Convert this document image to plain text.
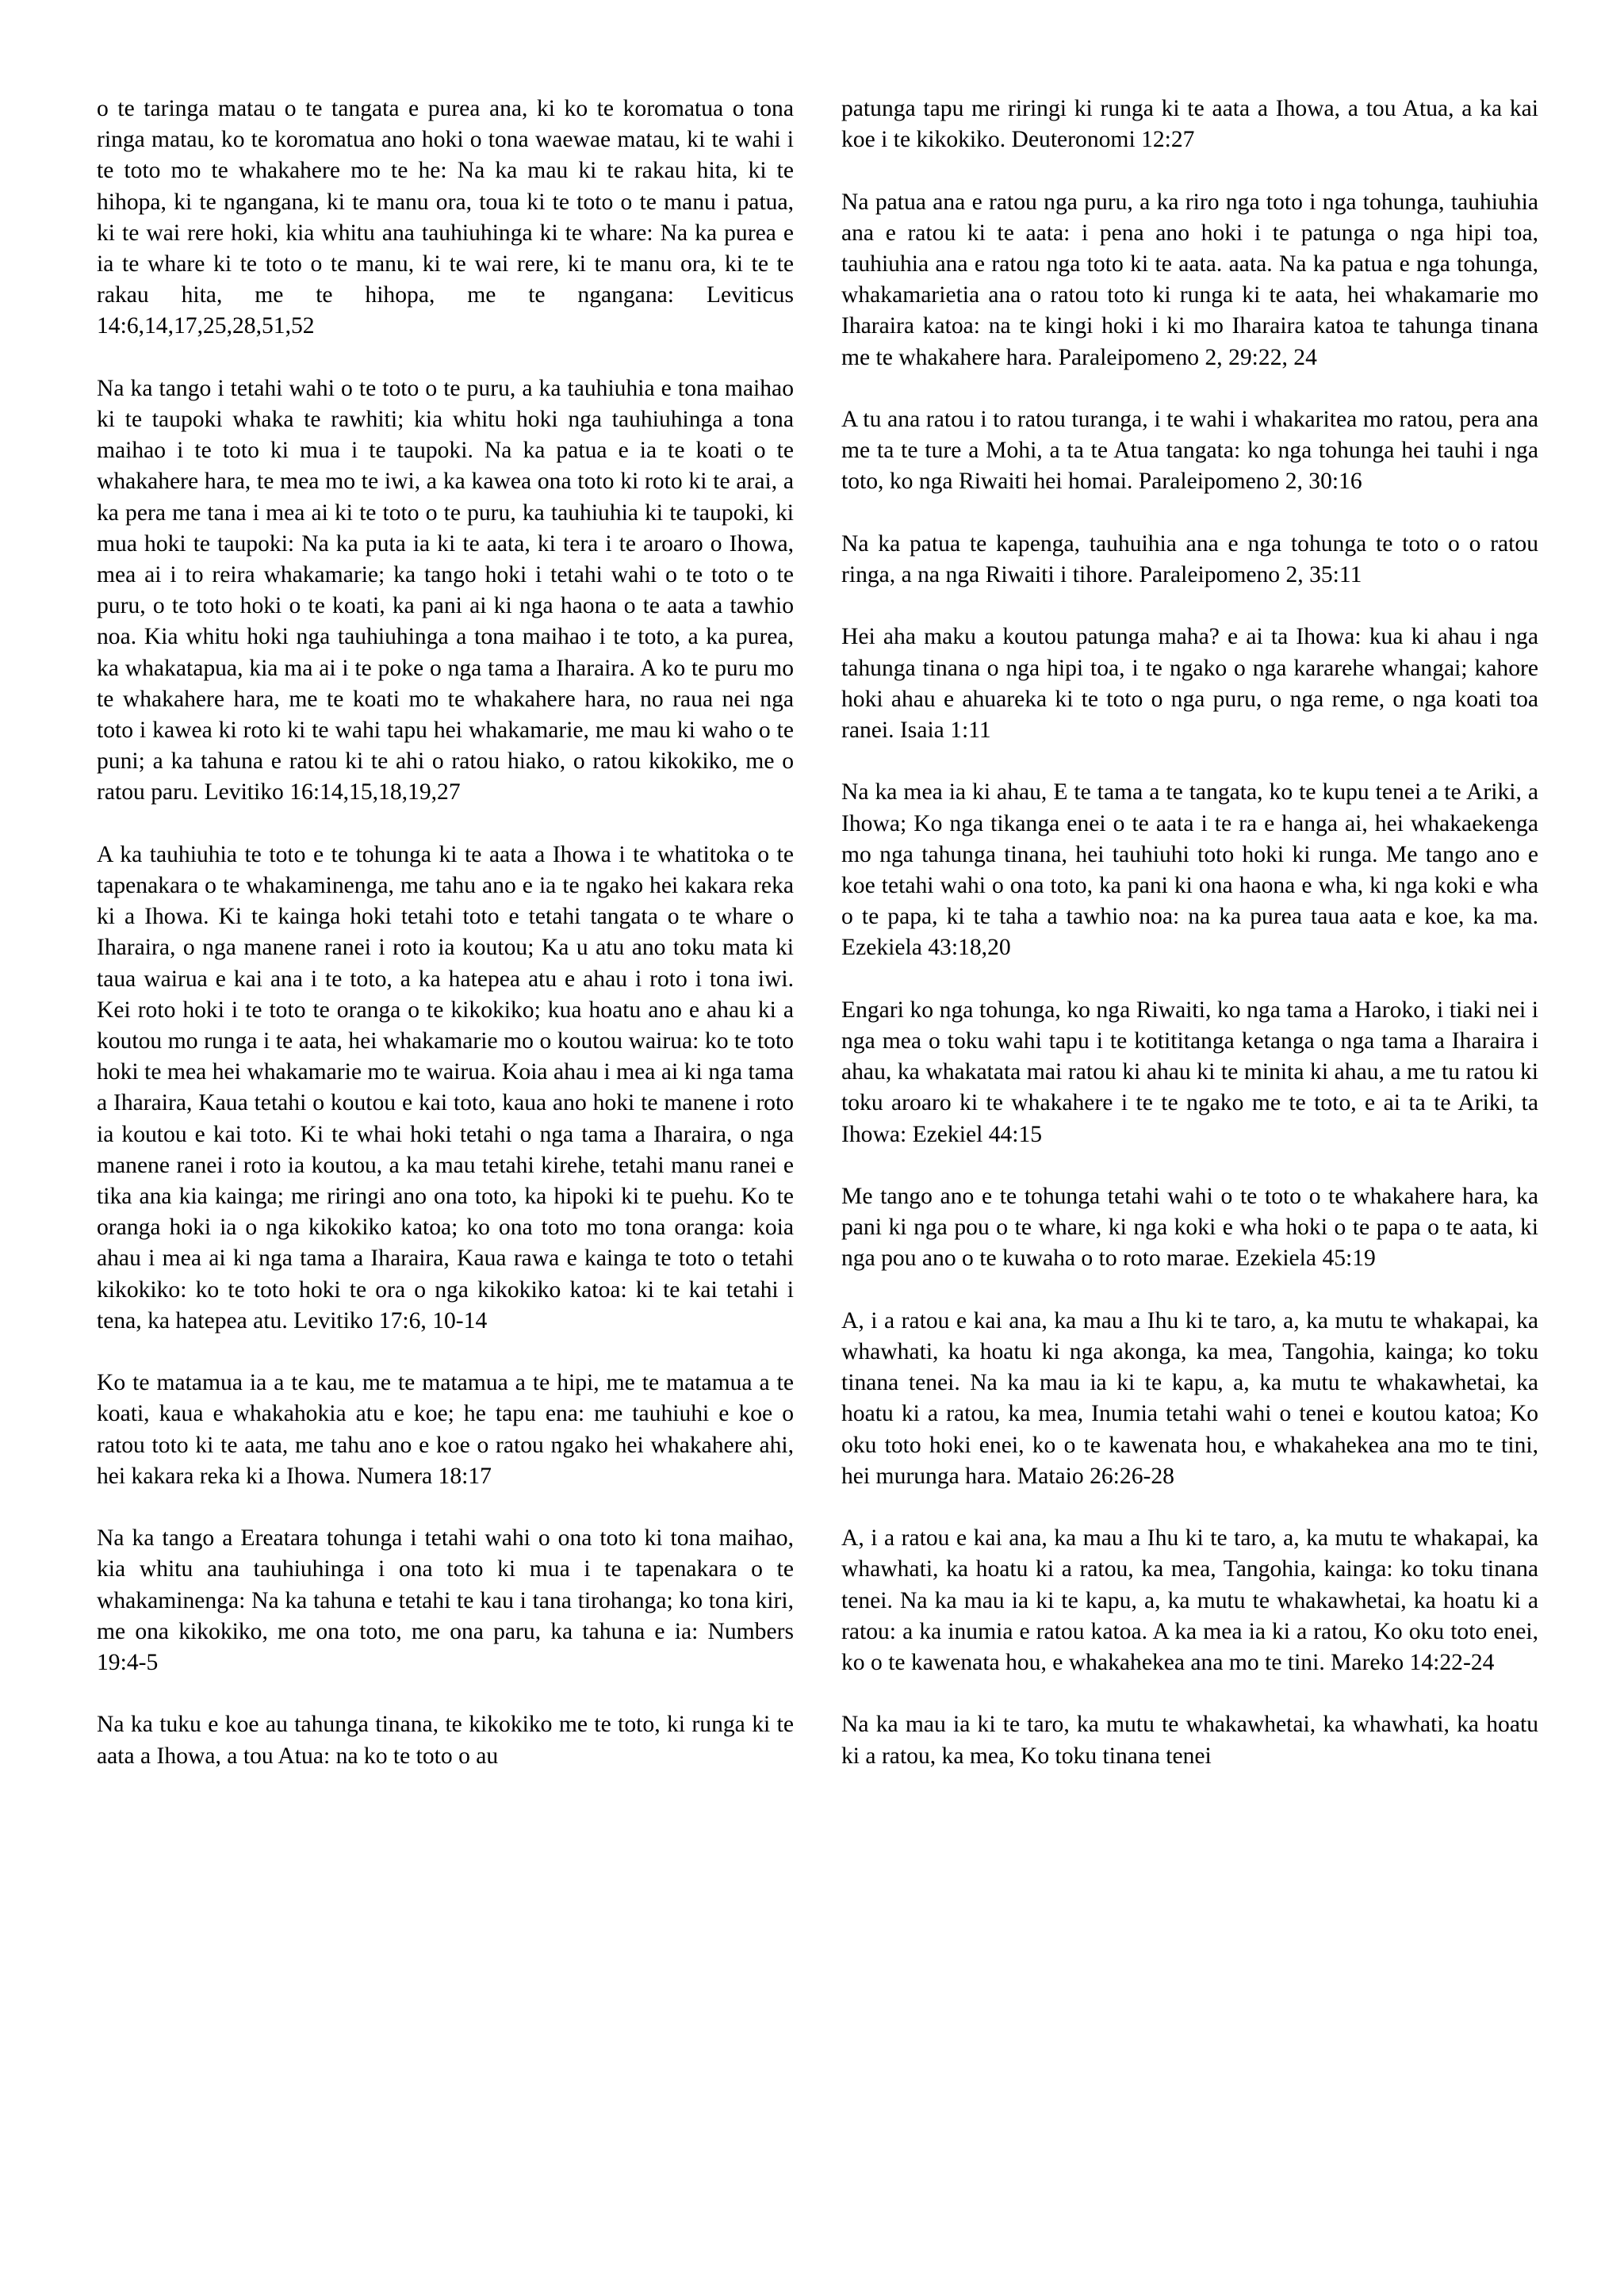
o te taringa matau o te tangata e purea ana, ki ko te koromatua o tona ringa matau, ko te koromatua ano hoki o tona waewae matau, ki te wahi i te toto mo te whakahere mo te he: Na ka mau ki te rakau hita, ki te hihopa, ki te ngangana, ki te manu ora, toua ki te toto o te manu i patua, ki te wai rere hoki, kia whitu ana tauhiuhinga ki te whare: Na ka purea e ia te whare ki te toto o te manu, ki te wai rere, ki te manu ora, ki te te rakau hita, me te hihopa, me te ngangana: Leviticus 14:6,14,17,25,28,51,52

Na ka tango i tetahi wahi o te toto o te puru, a ka tauhiuhia e tona maihao ki te taupoki whaka te rawhiti; kia whitu hoki nga tauhiuhinga a tona maihao i te toto ki mua i te taupoki. Na ka patua e ia te koati o te whakahere hara, te mea mo te iwi, a ka kawea ona toto ki roto ki te arai, a ka pera me tana i mea ai ki te toto o te puru, ka tauhiuhia ki te taupoki, ki mua hoki te taupoki: Na ka puta ia ki te aata, ki tera i te aroaro o Ihowa, mea ai i to reira whakamarie; ka tango hoki i tetahi wahi o te toto o te puru, o te toto hoki o te koati, ka pani ai ki nga haona o te aata a tawhio noa. Kia whitu hoki nga tauhiuhinga a tona maihao i te toto, a ka purea, ka whakatapua, kia ma ai i te poke o nga tama a Iharaira. A ko te puru mo te whakahere hara, me te koati mo te whakahere hara, no raua nei nga toto i kawea ki roto ki te wahi tapu hei whakamarie, me mau ki waho o te puni; a ka tahuna e ratou ki te ahi o ratou hiako, o ratou kikokiko, me o ratou paru. Levitiko 16:14,15,18,19,27

A ka tauhiuhia te toto e te tohunga ki te aata a Ihowa i te whatitoka o te tapenakara o te whakaminenga, me tahu ano e ia te ngako hei kakara reka ki a Ihowa. Ki te kainga hoki tetahi toto e tetahi tangata o te whare o Iharaira, o nga manene ranei i roto ia koutou; Ka u atu ano toku mata ki taua wairua e kai ana i te toto, a ka hatepea atu e ahau i roto i tona iwi. Kei roto hoki i te toto te oranga o te kikokiko; kua hoatu ano e ahau ki a koutou mo runga i te aata, hei whakamarie mo o koutou wairua: ko te toto hoki te mea hei whakamarie mo te wairua. Koia ahau i mea ai ki nga tama a Iharaira, Kaua tetahi o koutou e kai toto, kaua ano hoki te manene i roto ia koutou e kai toto. Ki te whai hoki tetahi o nga tama a Iharaira, o nga manene ranei i roto ia koutou, a ka mau tetahi kirehe, tetahi manu ranei e tika ana kia kainga; me riringi ano ona toto, ka hipoki ki te puehu. Ko te oranga hoki ia o nga kikokiko katoa; ko ona toto mo tona oranga: koia ahau i mea ai ki nga tama a Iharaira, Kaua rawa e kainga te toto o tetahi kikokiko: ko te toto hoki te ora o nga kikokiko katoa: ki te kai tetahi i tena, ka hatepea atu. Levitiko 17:6, 10-14

Ko te matamua ia a te kau, me te matamua a te hipi, me te matamua a te koati, kaua e whakahokia atu e koe; he tapu ena: me tauhiuhi e koe o ratou toto ki te aata, me tahu ano e koe o ratou ngako hei whakahere ahi, hei kakara reka ki a Ihowa. Numera 18:17

Na ka tango a Ereatara tohunga i tetahi wahi o ona toto ki tona maihao, kia whitu ana tauhiuhinga i ona toto ki mua i te tapenakara o te whakaminenga: Na ka tahuna e tetahi te kau i tana tirohanga; ko tona kiri, me ona kikokiko, me ona toto, me ona paru, ka tahuna e ia: Numbers 19:4-5

Na ka tuku e koe au tahunga tinana, te kikokiko me te toto, ki runga ki te aata a Ihowa, a tou Atua: na ko te toto o au

patunga tapu me riringi ki runga ki te aata a Ihowa, a tou Atua, a ka kai koe i te kikokiko. Deuteronomi 12:27

Na patua ana e ratou nga puru, a ka riro nga toto i nga tohunga, tauhiuhia ana e ratou ki te aata: i pena ano hoki i te patunga o nga hipi toa, tauhiuhia ana e ratou nga toto ki te aata. aata. Na ka patua e nga tohunga, whakamarietia ana o ratou toto ki runga ki te aata, hei whakamarie mo Iharaira katoa: na te kingi hoki i ki mo Iharaira katoa te tahunga tinana me te whakahere hara. Paraleipomeno 2, 29:22, 24

A tu ana ratou i to ratou turanga, i te wahi i whakaritea mo ratou, pera ana me ta te ture a Mohi, a ta te Atua tangata: ko nga tohunga hei tauhi i nga toto, ko nga Riwaiti hei homai. Paraleipomeno 2, 30:16

Na ka patua te kapenga, tauhuihia ana e nga tohunga te toto o o ratou ringa, a na nga Riwaiti i tihore. Paraleipomeno 2, 35:11

Hei aha maku a koutou patunga maha? e ai ta Ihowa: kua ki ahau i nga tahunga tinana o nga hipi toa, i te ngako o nga kararehe whangai; kahore hoki ahau e ahuareka ki te toto o nga puru, o nga reme, o nga koati toa ranei. Isaia 1:11

Na ka mea ia ki ahau, E te tama a te tangata, ko te kupu tenei a te Ariki, a Ihowa; Ko nga tikanga enei o te aata i te ra e hanga ai, hei whakaekenga mo nga tahunga tinana, hei tauhiuhi toto hoki ki runga. Me tango ano e koe tetahi wahi o ona toto, ka pani ki ona haona e wha, ki nga koki e wha o te papa, ki te taha a tawhio noa: na ka purea taua aata e koe, ka ma. Ezekiela 43:18,20

Engari ko nga tohunga, ko nga Riwaiti, ko nga tama a Haroko, i tiaki nei i nga mea o toku wahi tapu i te kotititanga ketanga o nga tama a Iharaira i ahau, ka whakatata mai ratou ki ahau ki te minita ki ahau, a me tu ratou ki toku aroaro ki te whakahere i te te ngako me te toto, e ai ta te Ariki, ta Ihowa: Ezekiel 44:15

Me tango ano e te tohunga tetahi wahi o te toto o te whakahere hara, ka pani ki nga pou o te whare, ki nga koki e wha hoki o te papa o te aata, ki nga pou ano o te kuwaha o to roto marae. Ezekiela 45:19

A, i a ratou e kai ana, ka mau a Ihu ki te taro, a, ka mutu te whakapai, ka whawhati, ka hoatu ki nga akonga, ka mea, Tangohia, kainga; ko toku tinana tenei. Na ka mau ia ki te kapu, a, ka mutu te whakawhetai, ka hoatu ki a ratou, ka mea, Inumia tetahi wahi o tenei e koutou katoa; Ko oku toto hoki enei, ko o te kawenata hou, e whakahekea ana mo te tini, hei murunga hara. Mataio 26:26-28

A, i a ratou e kai ana, ka mau a Ihu ki te taro, a, ka mutu te whakapai, ka whawhati, ka hoatu ki a ratou, ka mea, Tangohia, kainga: ko toku tinana tenei. Na ka mau ia ki te kapu, a, ka mutu te whakawhetai, ka hoatu ki a ratou: a ka inumia e ratou katoa. A ka mea ia ki a ratou, Ko oku toto enei, ko o te kawenata hou, e whakahekea ana mo te tini. Mareko 14:22-24

Na ka mau ia ki te taro, ka mutu te whakawhetai, ka whawhati, ka hoatu ki a ratou, ka mea, Ko toku tinana tenei
